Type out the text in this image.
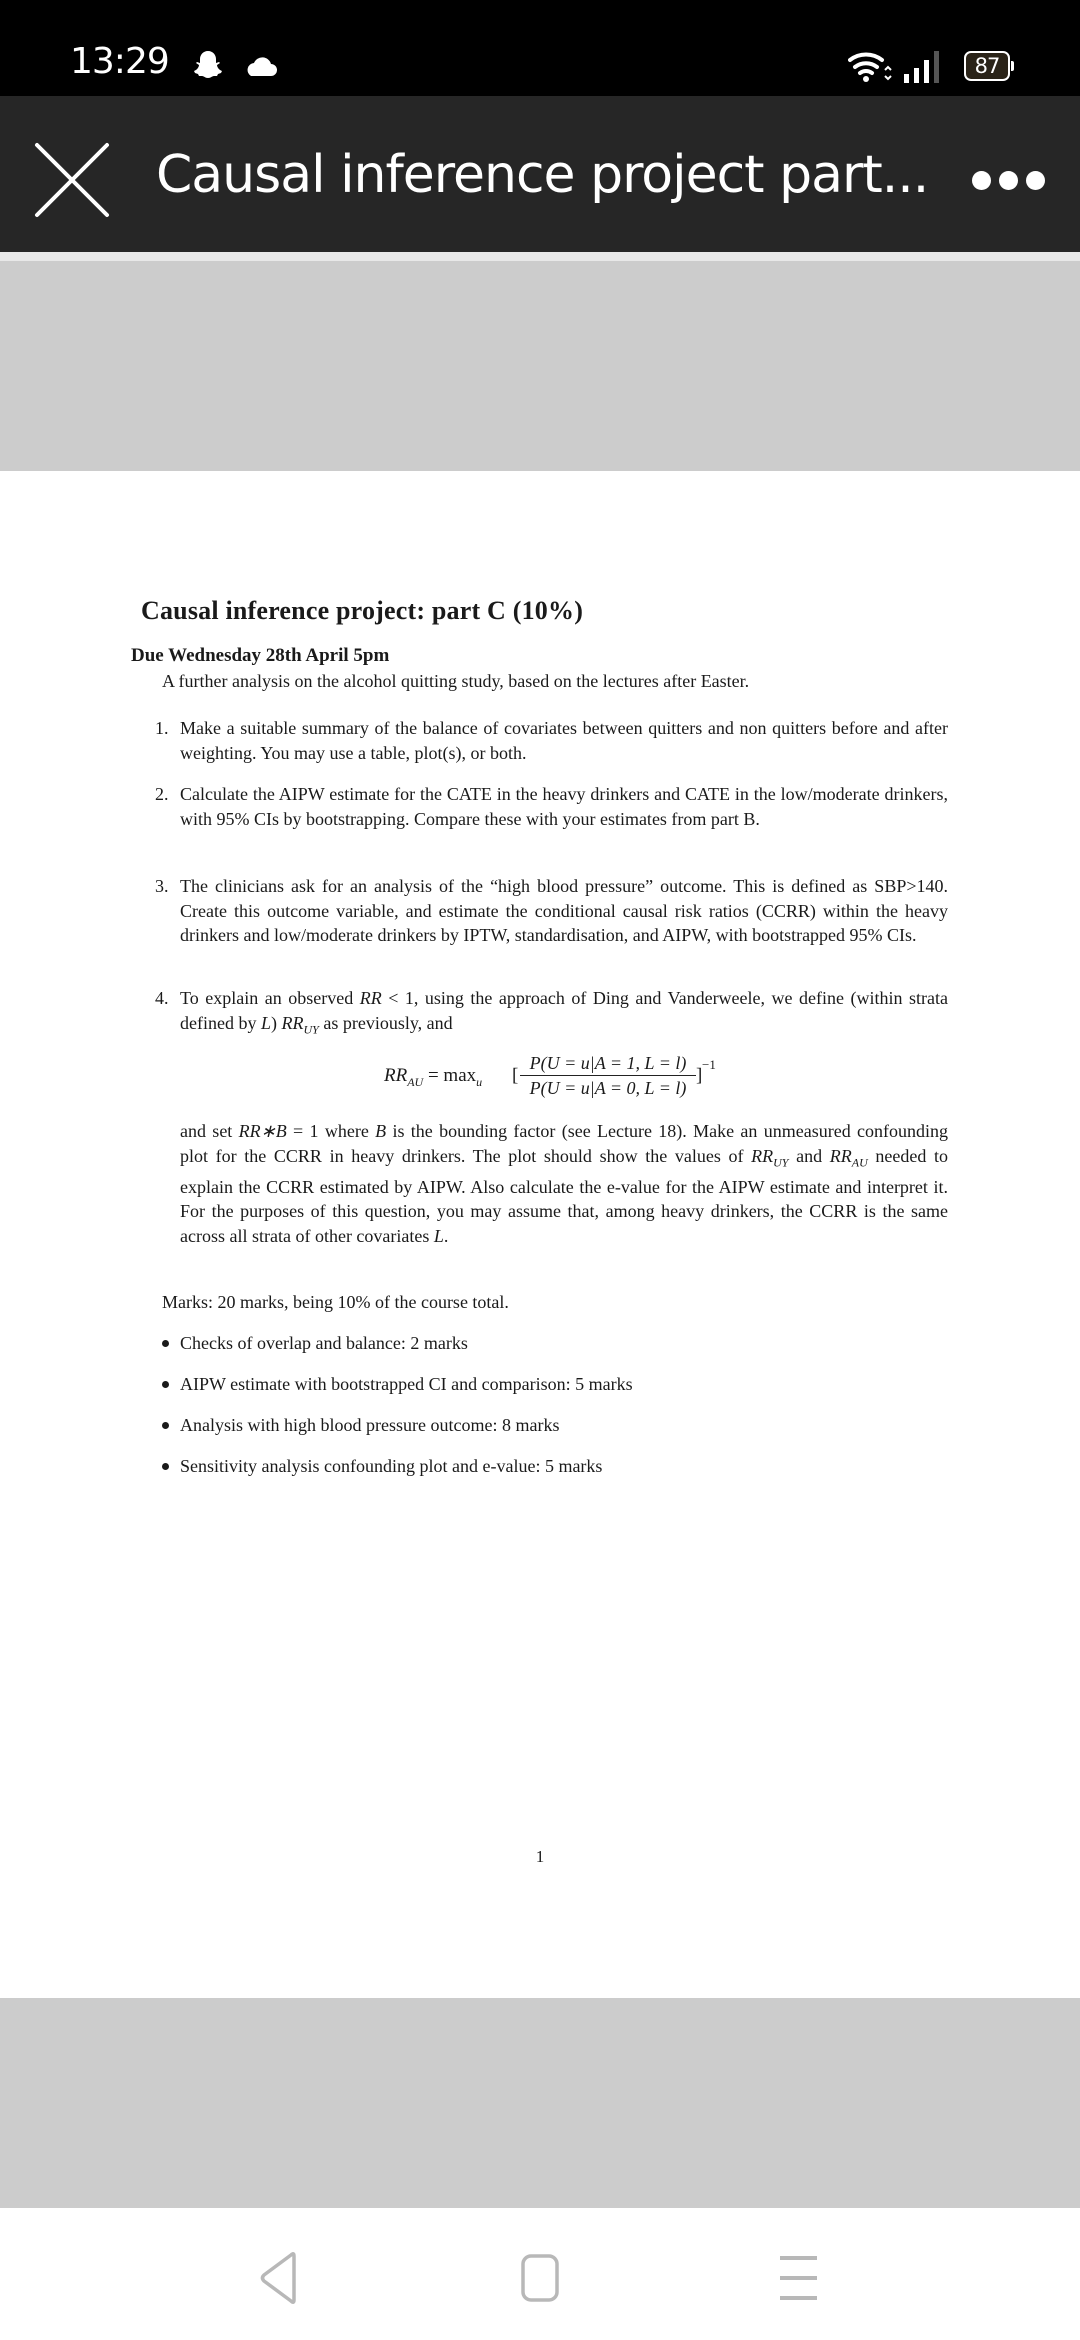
13:29	87
Causal inference project part...
Causal inference project: part C (10%)
Due Wednesday 28th April 5pm
A further analysis on the alcohol quitting study, based on the lectures after Easter.
1. Make a suitable summary of the balance of covariates between quitters and non quitters before and after weighting. You may use a table, plot(s), or both.
2. Calculate the AIPW estimate for the CATE in the heavy drinkers and CATE in the low/moderate drinkers, with 95% CIs by bootstrapping. Compare these with your estimates from part B.
3. The clinicians ask for an analysis of the “high blood pressure” outcome. This is defined as SBP>140. Create this outcome variable, and estimate the conditional causal risk ratios (CCRR) within the heavy drinkers and low/moderate drinkers by IPTW, standardisation, and AIPW, with bootstrapped 95% CIs.
4. To explain an observed RR < 1, using the approach of Ding and Vanderweele, we define (within strata defined by L) $RR_{UY}$ as previously, and
$RR_{AU} = \max_u$ [ $\frac{P(U = u|A = 1, L = l)}{P(U = u|A = 0, L = l)}$ ]
−1
and set RR∗B = 1 where B is the bounding factor (see Lecture 18). Make an unmeasured confounding plot for the CCRR in heavy drinkers. The plot should show the values of $RR_{UY}$ and $RR_{AU}$ needed to explain the CCRR estimated by AIPW. Also calculate the e-value for the AIPW estimate and interpret it. For the purposes of this question, you may assume that, among heavy drinkers, the CCRR is the same across all strata of other covariates L.
Marks: 20 marks, being 10% of the course total.
Checks of overlap and balance: 2 marks
AIPW estimate with bootstrapped CI and comparison: 5 marks
Analysis with high blood pressure outcome: 8 marks
Sensitivity analysis confounding plot and e-value: 5 marks
1
